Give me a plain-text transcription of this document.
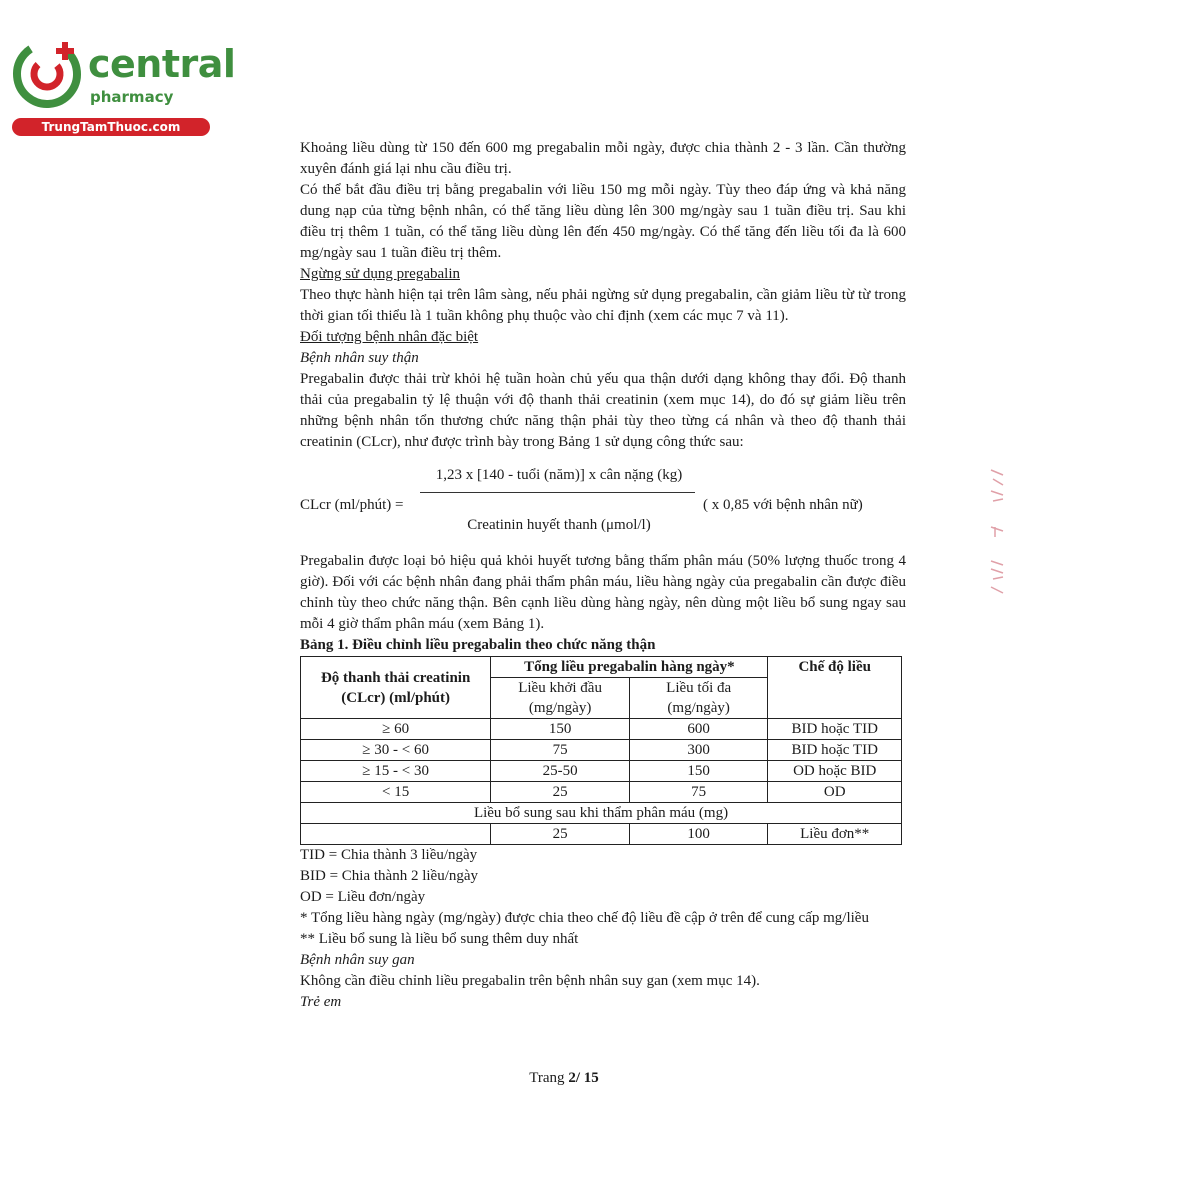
central
pharmacy
TrungTamThuoc.com

Khoảng liều dùng từ 150 đến 600 mg pregabalin mỗi ngày, được chia thành 2 - 3 lần. Cần thường xuyên đánh giá lại nhu cầu điều trị.

Có thể bắt đầu điều trị bằng pregabalin với liều 150 mg mỗi ngày. Tùy theo đáp ứng và khả năng dung nạp của từng bệnh nhân, có thể tăng liều dùng lên 300 mg/ngày sau 1 tuần điều trị. Sau khi điều trị thêm 1 tuần, có thể tăng liều dùng lên đến 450 mg/ngày. Có thể tăng đến liều tối đa là 600 mg/ngày sau 1 tuần điều trị thêm.

Ngừng sử dụng pregabalin

Theo thực hành hiện tại trên lâm sàng, nếu phải ngừng sử dụng pregabalin, cần giảm liều từ từ trong thời gian tối thiểu là 1 tuần không phụ thuộc vào chỉ định (xem các mục 7 và 11).

Đối tượng bệnh nhân đặc biệt

Bệnh nhân suy thận

Pregabalin được thải trừ khỏi hệ tuần hoàn chủ yếu qua thận dưới dạng không thay đổi. Độ thanh thải của pregabalin tỷ lệ thuận với độ thanh thải creatinin (xem mục 14), do đó sự giảm liều trên những bệnh nhân tổn thương chức năng thận phải tùy theo từng cá nhân và theo độ thanh thải creatinin (CLcr), như được trình bày trong Bảng 1 sử dụng công thức sau:

CLcr (ml/phút) =
1,23 x [140 - tuổi (năm)] x cân nặng (kg)
Creatinin huyết thanh (μmol/l)
( x 0,85 với bệnh nhân nữ)

Pregabalin được loại bỏ hiệu quả khỏi huyết tương bằng thẩm phân máu (50% lượng thuốc trong 4 giờ). Đối với các bệnh nhân đang phải thẩm phân máu, liều hàng ngày của pregabalin cần được điều chỉnh tùy theo chức năng thận. Bên cạnh liều dùng hàng ngày, nên dùng một liều bổ sung ngay sau mỗi 4 giờ thẩm phân máu (xem Bảng 1).

Bảng 1. Điều chỉnh liều pregabalin theo chức năng thận

Độ thanh thải creatinin (CLcr) (ml/phút)	Tổng liều pregabalin hàng ngày*		Chế độ liều
	Liều khởi đầu (mg/ngày)	Liều tối đa (mg/ngày)	
≥ 60	150	600	BID hoặc TID
≥ 30 - < 60	75	300	BID hoặc TID
≥ 15 - < 30	25-50	150	OD hoặc BID
< 15	25	75	OD
Liều bổ sung sau khi thẩm phân máu (mg)			
	25	100	Liều đơn**

TID = Chia thành 3 liều/ngày

BID = Chia thành 2 liều/ngày

OD = Liều đơn/ngày

* Tổng liều hàng ngày (mg/ngày) được chia theo chế độ liều đề cập ở trên để cung cấp mg/liều

** Liều bổ sung là liều bổ sung thêm duy nhất

Bệnh nhân suy gan

Không cần điều chỉnh liều pregabalin trên bệnh nhân suy gan (xem mục 14).

Trẻ em

Trang 2/ 15
